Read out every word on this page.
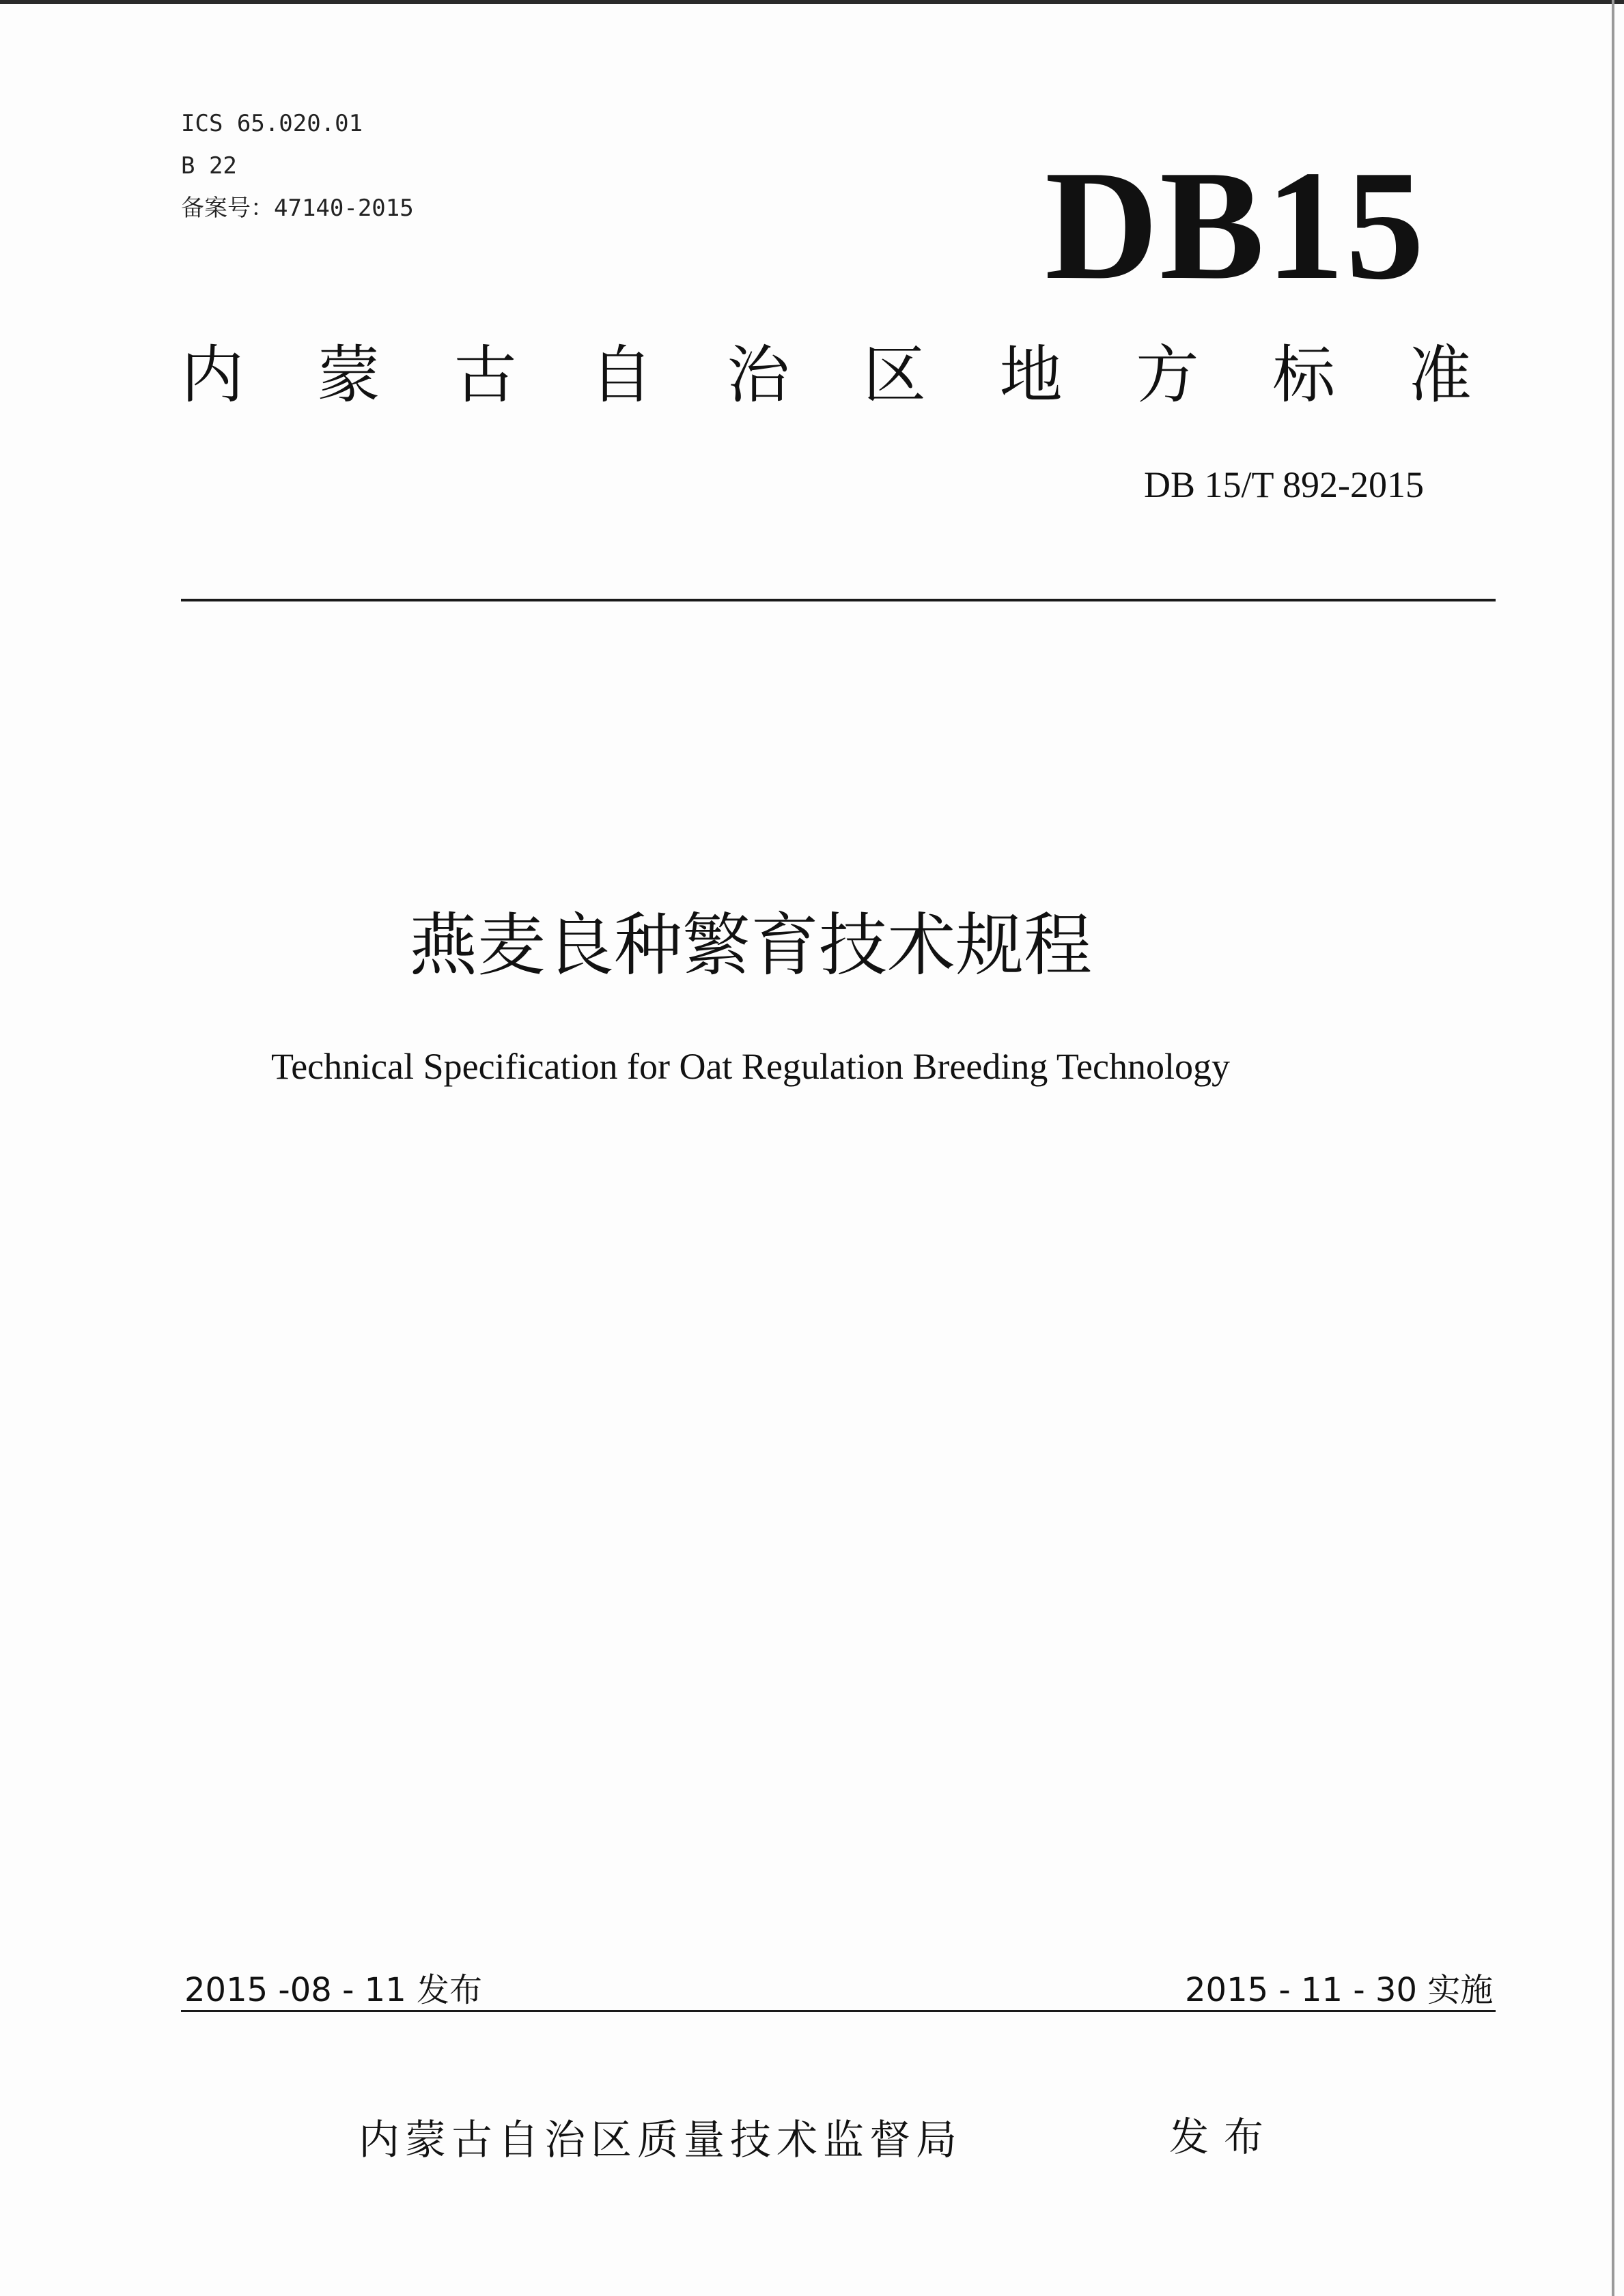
ICS 65.020.01
B 22
备案号：47140-2015	DB15
内 蒙 古 自 治 区 地 方 标 准
DB 15/T 892-2015
燕麦良种繁育技术规程
Technical Specification for Oat Regulation Breeding Technology
2015 -08 - 11 发布	2015 - 11 - 30 实施
内蒙古自治区质量技术监督局	发布
